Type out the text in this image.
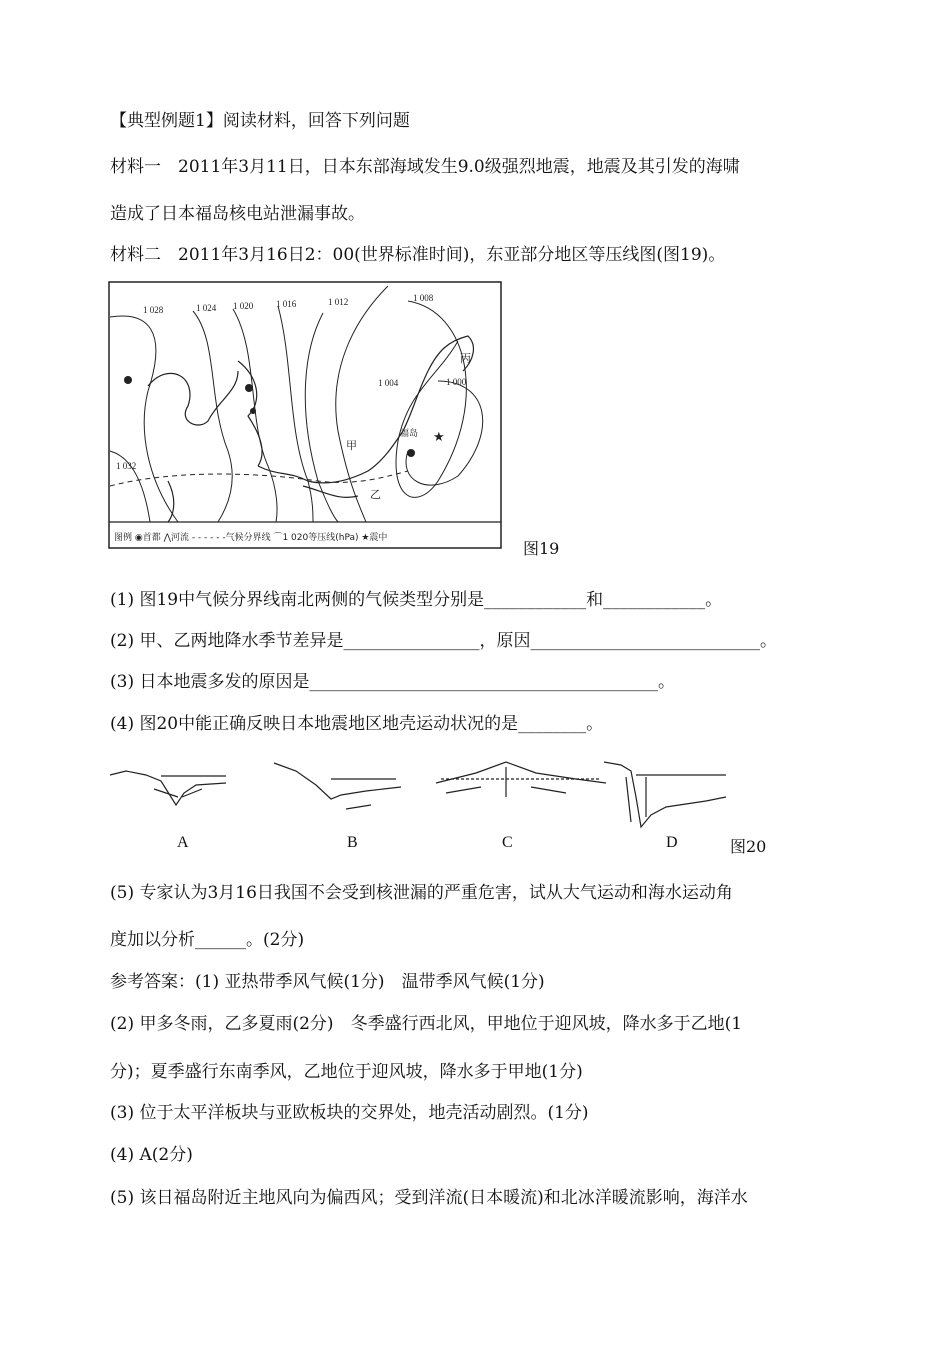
【典型例题1】阅读材料，回答下列问题
材料一　2011年3月11日，日本东部海域发生9.0级强烈地震，地震及其引发的海啸
造成了日本福岛核电站泄漏事故。
材料二　2011年3月16日2：00(世界标准时间)，东亚部分地区等压线图(图19)。
★
1 028	1 024 1 020	1 016	1 012	1 008
1 004	1 000
1 032
丙
甲
乙
福岛
图例 ◉首都 ⋀河流 - - - - - -气候分界线 ⌒1 020等压线(hPa) ★震中
图19
(1) 图19中气候分界线南北两侧的气候类型分别是____________和____________。
(2) 甲、乙两地降水季节差异是________________，原因___________________________。
(3) 日本地震多发的原因是_________________________________________。
(4) 图20中能正确反映日本地震地区地壳运动状况的是________。
A	B	C	D	图20
(5) 专家认为3月16日我国不会受到核泄漏的严重危害，试从大气运动和海水运动角
度加以分析______。(2分)
参考答案：(1) 亚热带季风气候(1分)　温带季风气候(1分)
(2) 甲多冬雨，乙多夏雨(2分)　冬季盛行西北风，甲地位于迎风坡，降水多于乙地(1
分)；夏季盛行东南季风，乙地位于迎风坡，降水多于甲地(1分)
(3) 位于太平洋板块与亚欧板块的交界处，地壳活动剧烈。(1分)
(4) A(2分)
(5) 该日福岛附近主地风向为偏西风；受到洋流(日本暖流)和北冰洋暖流影响，海洋水
